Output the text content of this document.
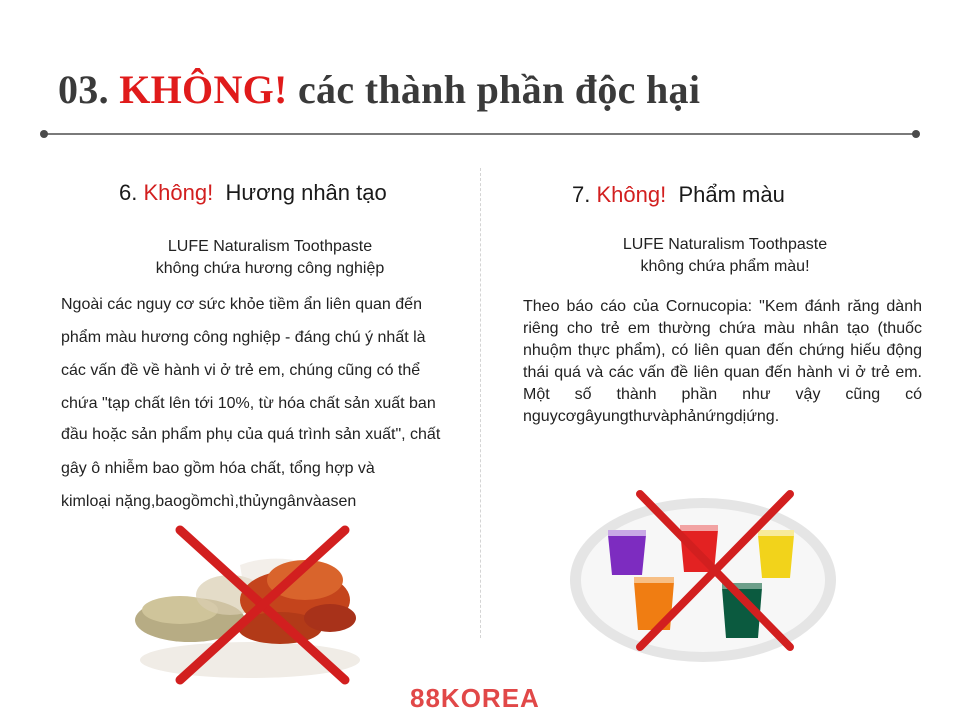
03. KHÔNG! các thành phần độc hại
6. Không! Hương nhân tạo
LUFE Naturalism Toothpaste
không chứa hương công nghiệp

Ngoài các nguy cơ sức khỏe tiềm ẩn liên quan đến

phẩm màu hương công nghiệp - đáng chú ý nhất là

các vấn đề về hành vi ở trẻ em, chúng cũng có thể

chứa "tạp chất lên tới 10%, từ hóa chất sản xuất ban

đầu hoặc sản phẩm phụ của quá trình sản xuất", chất

gây ô nhiễm bao gồm hóa chất, tổng hợp và

kimloại nặng,baogồmchì,thủyngânvàasen

7. Không! Phẩm màu
LUFE Naturalism Toothpaste
không chứa phẩm màu!
Theo báo cáo của Cornucopia: "Kem đánh răng dành riêng cho trẻ em thường chứa màu nhân tạo (thuốc nhuộm thực phẩm), có liên quan đến chứng hiếu động thái quá và các vấn đề liên quan đến hành vi ở trẻ em. Một số thành phần như vậy cũng có nguycơgâyungthưvàphảnứngdịứng.
88KOREA
